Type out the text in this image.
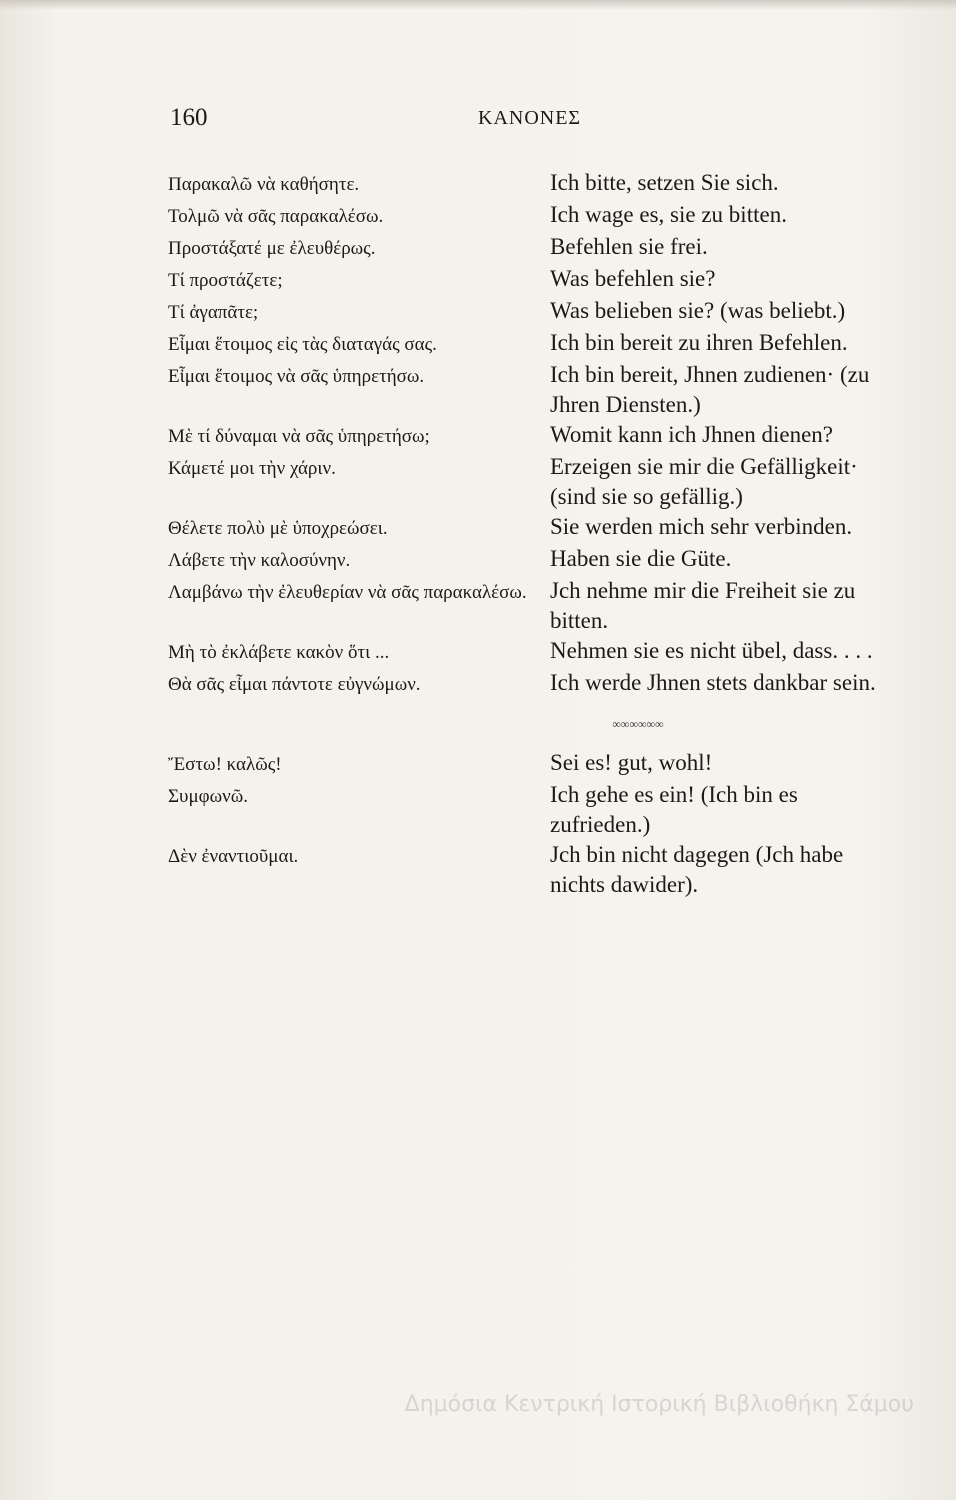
160	ΚΑΝΟΝΕΣ
Παρακαλῶ νὰ καθήσητε.	Ich bitte, setzen Sie sich.
Τολμῶ νὰ σᾶς παρακαλέσω.	Ich wage es, sie zu bitten.
Προστάξατέ με ἐλευθέρως.	Befehlen sie frei.
Τί προστάζετε;	Was befehlen sie?
Τί ἀγαπᾶτε;	Was belieben sie? (was beliebt.)
Εἶμαι ἕτοιμος εἰς τὰς διαταγάς σας.	Ich bin bereit zu ihren Befehlen.
Εἶμαι ἕτοιμος νὰ σᾶς ὑπηρετήσω.	Ich bin bereit, Jhnen zudienen· (zu Jhren Diensten.)
Μὲ τί δύναμαι νὰ σᾶς ὑπηρετήσω;	Womit kann ich Jhnen dienen?
Κάμετέ μοι τὴν χάριν.	Erzeigen sie mir die Gefälligkeit· (sind sie so gefällig.)
Θέλετε πολὺ μὲ ὑποχρεώσει.	Sie werden mich sehr verbinden.
Λάβετε τὴν καλοσύνην.	Haben sie die Güte.
Λαμβάνω τὴν ἐλευθερίαν νὰ σᾶς παρακαλέσω.	Jch nehme mir die Freiheit sie zu bitten.
Μὴ τὸ ἐκλάβετε κακὸν ὅτι ...	Nehmen sie es nicht übel, dass. . . .
Θὰ σᾶς εἶμαι πάντοτε εὐγνώμων.	Ich werde Jhnen stets dankbar sein.
∞∞∞∞∞∞
Ἔστω! καλῶς!	Sei es! gut, wohl!
Συμφωνῶ.	Ich gehe es ein! (Ich bin es zufrieden.)
Δὲν ἐναντιοῦμαι.	Jch bin nicht dagegen (Jch habe nichts dawider).
Δημόσια Κεντρική Ιστορική Βιβλιοθήκη Σάμου
